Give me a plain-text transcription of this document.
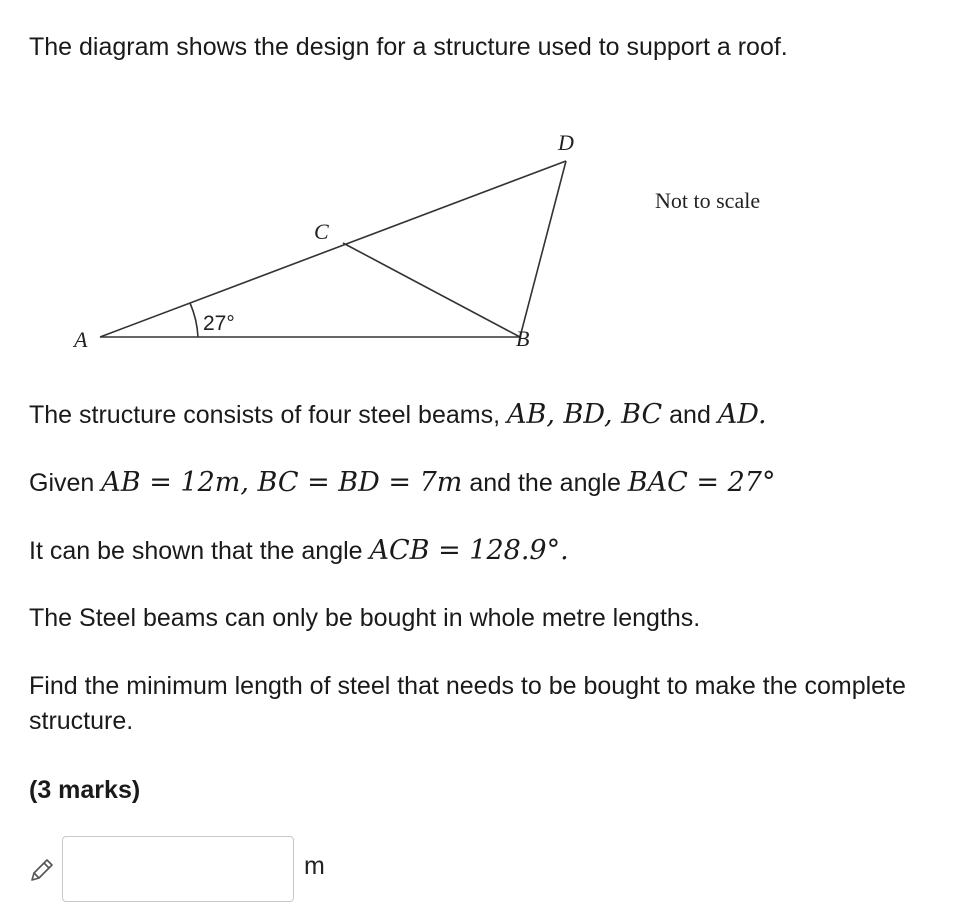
The diagram shows the design for a structure used to support a roof.

A	B
C
D
27°
Not to scale

The structure consists of four steel beams, AB, BD, BC and AD.

Given AB = 12m, BC = BD = 7m and the angle BAC = 27°

It can be shown that the angle ACB = 128.9°.

The Steel beams can only be bought in whole metre lengths.

Find the minimum length of steel that needs to be bought to make the complete structure.

(3 marks)

m
